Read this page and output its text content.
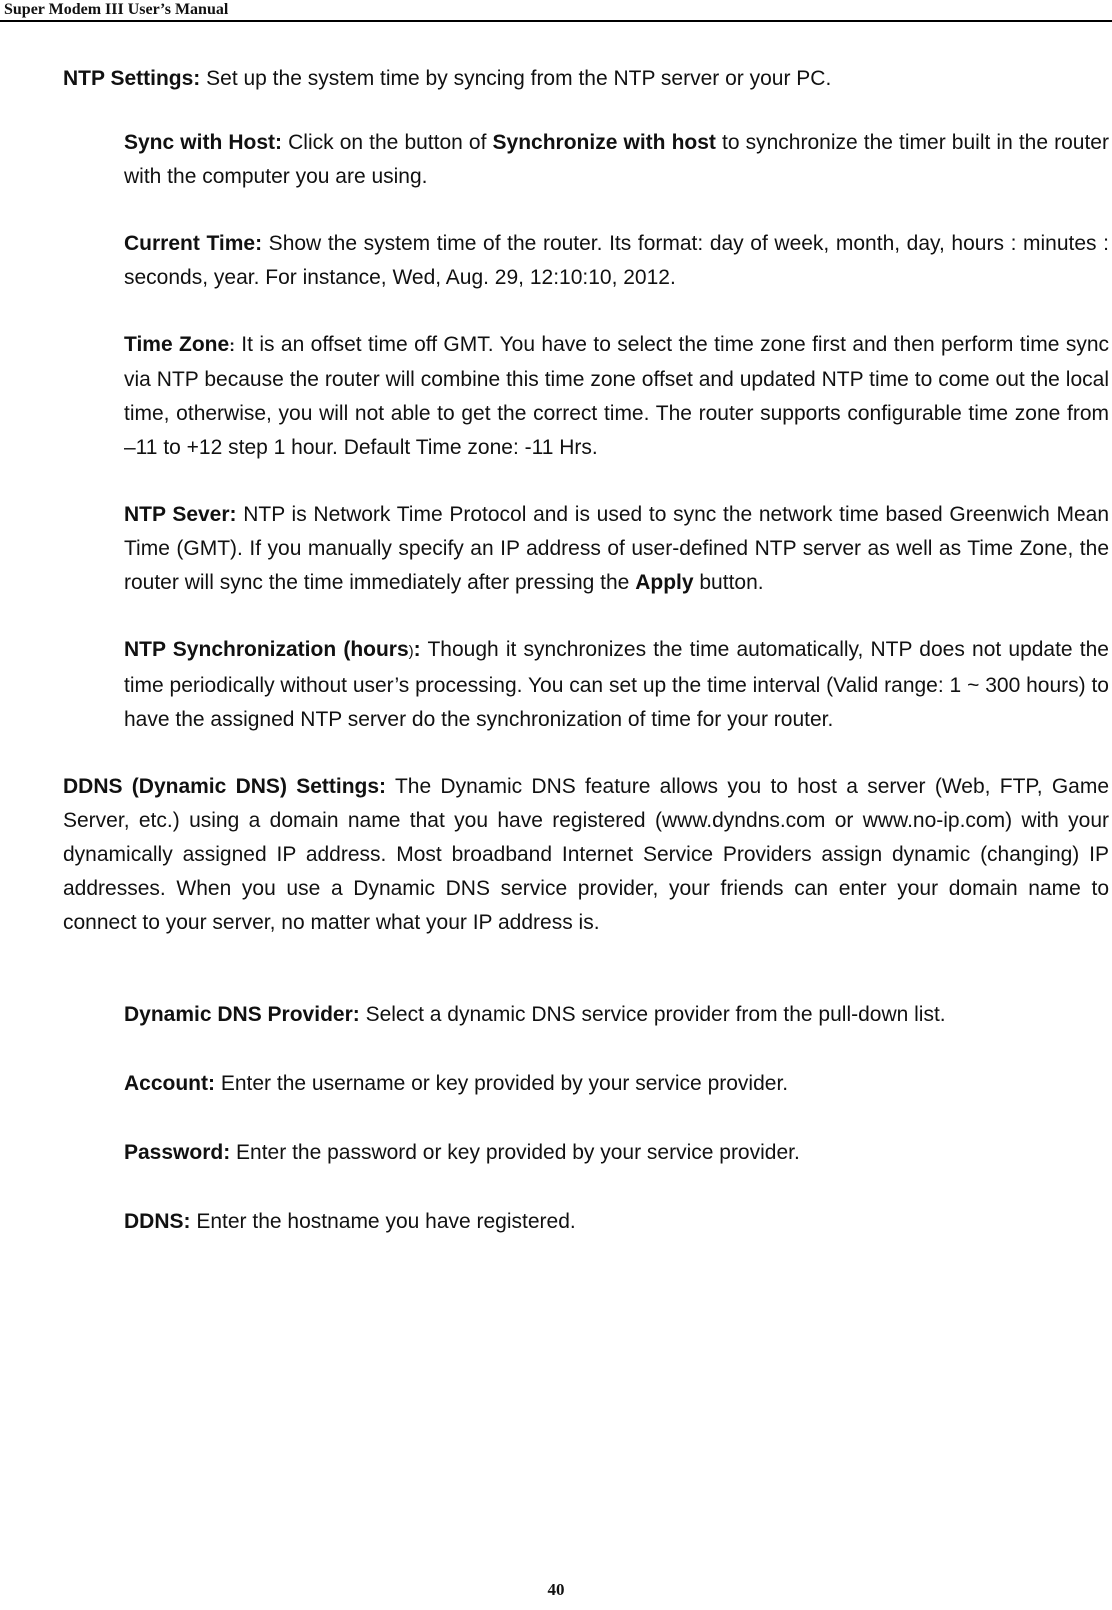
Super Modem III User’s Manual

NTP Settings: Set up the system time by syncing from the NTP server or your PC.

Sync with Host: Click on the button of Synchronize with host to synchronize the timer built in the router with the computer you are using.

Current Time: Show the system time of the router. Its format: day of week, month, day, hours : minutes : seconds, year. For instance, Wed, Aug. 29, 12:10:10, 2012.

Time Zone: It is an offset time off GMT. You have to select the time zone first and then perform time sync via NTP because the router will combine this time zone offset and updated NTP time to come out the local time, otherwise, you will not able to get the correct time. The router supports configurable time zone from –11 to +12 step 1 hour. Default Time zone: -11 Hrs.

NTP Sever: NTP is Network Time Protocol and is used to sync the network time based Greenwich Mean Time (GMT). If you manually specify an IP address of user-defined NTP server as well as Time Zone, the router will sync the time immediately after pressing the Apply button.

NTP Synchronization (hours): Though it synchronizes the time automatically, NTP does not update the time periodically without user’s processing. You can set up the time interval (Valid range: 1 ~ 300 hours) to have the assigned NTP server do the synchronization of time for your router.

DDNS (Dynamic DNS) Settings: The Dynamic DNS feature allows you to host a server (Web, FTP, Game Server, etc.) using a domain name that you have registered (www.dyndns.com or www.no-ip.com) with your dynamically assigned IP address. Most broadband Internet Service Providers assign dynamic (changing) IP addresses. When you use a Dynamic DNS service provider, your friends can enter your domain name to connect to your server, no matter what your IP address is.

Dynamic DNS Provider: Select a dynamic DNS service provider from the pull-down list.

Account: Enter the username or key provided by your service provider.

Password: Enter the password or key provided by your service provider.

DDNS: Enter the hostname you have registered.

40
